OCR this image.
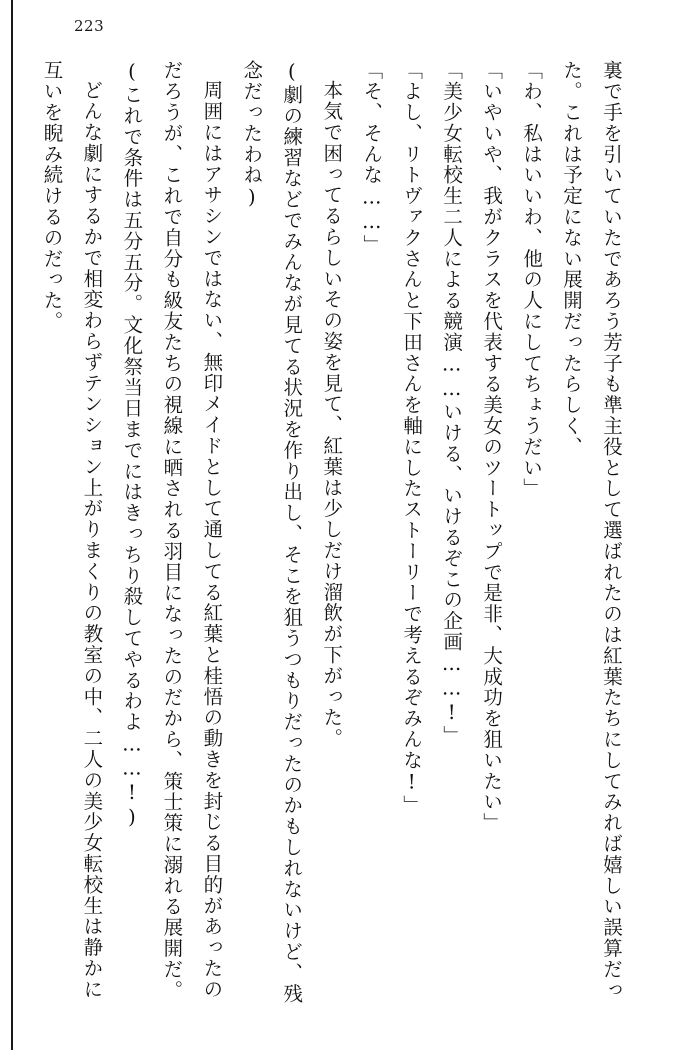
223

裏で手を引いていたであろう芳子も準主役として選ばれたのは紅葉たちにしてみれば嬉しい誤算だった。これは予定にない展開だったらしく、

「わ、私はいいわ、他の人にしてちょうだい」

「いやいや、我がクラスを代表する美女のツートップで是非、大成功を狙いたい」

「美少女転校生二人による競演……いける、いけるぞこの企画……!」

「よし、リトヴァクさんと下田さんを軸にしたストーリーで考えるぞみんな!」

「そ、そんな……」

本気で困ってるらしいその姿を見て、紅葉は少しだけ溜飲が下がった。

(劇の練習などでみんなが見てる状況を作り出し、そこを狙うつもりだったのかもしれないけど、残念だったわね)

周囲にはアサシンではない、無印メイドとして通してる紅葉と桂悟の動きを封じる目的があったのだろうが、これで自分も級友たちの視線に晒される羽目になったのだから、策士策に溺れる展開だ。

(これで条件は五分五分。文化祭当日までにはきっちり殺してやるわよ……!)

どんな劇にするかで相変わらずテンション上がりまくりの教室の中、二人の美少女転校生は静かに互いを睨み続けるのだった。
